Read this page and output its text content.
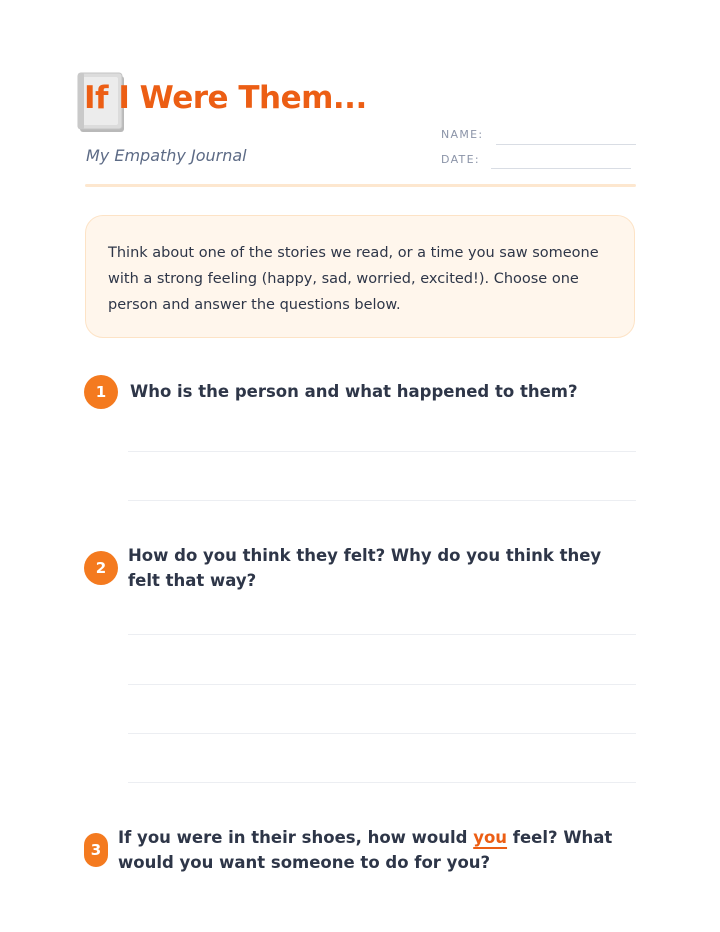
If I Were Them...
My Empathy Journal
NAME:
DATE:

Think about one of the stories we read, or a time you saw someone with a strong feeling (happy, sad, worried, excited!). Choose one person and answer the questions below.

1	Who is the person and what happened to them?
2
How do you think they felt? Why do you think they felt that way?
3
If you were in their shoes, how would you feel? What would you want someone to do for you?
